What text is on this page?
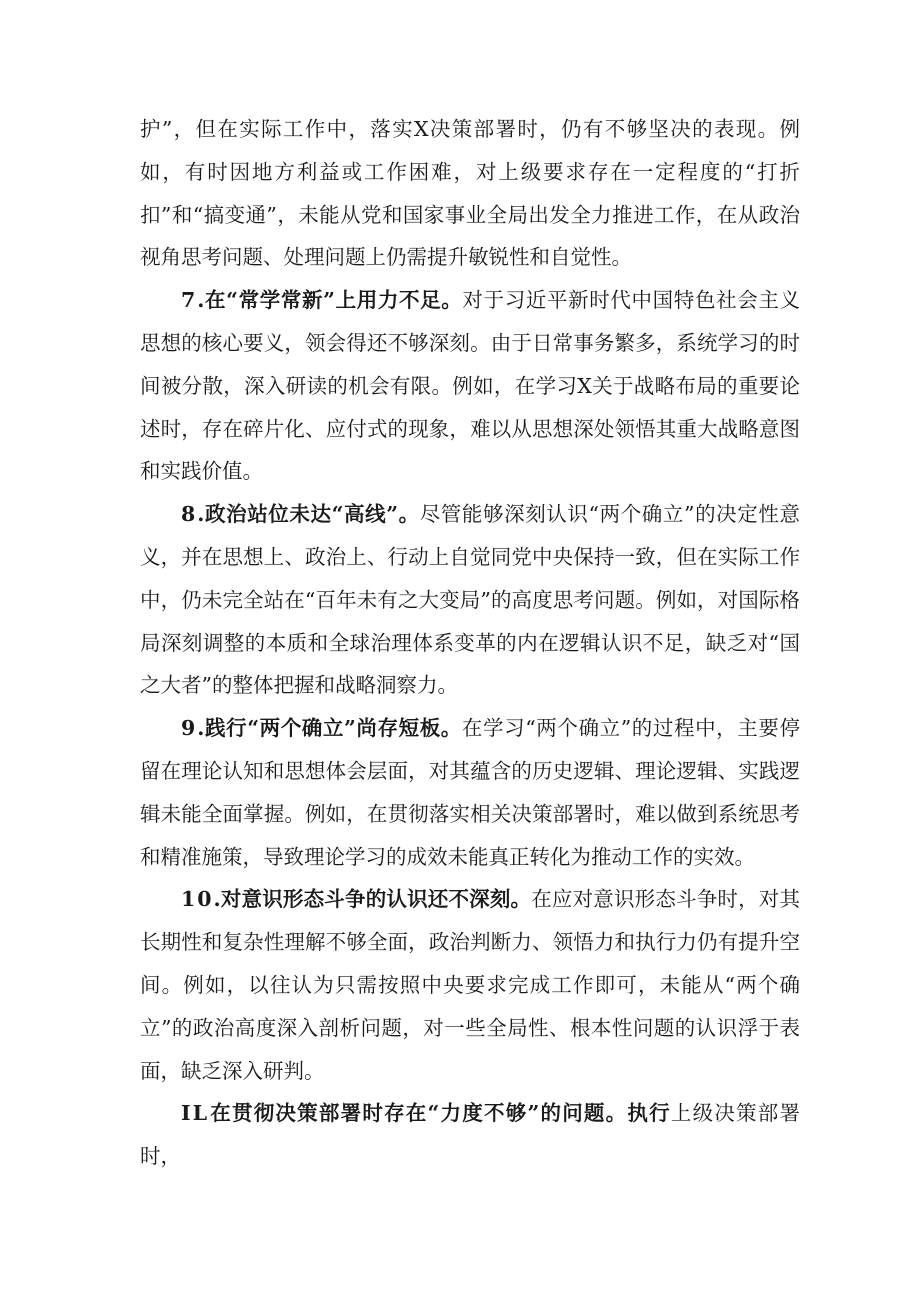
护”，但在实际工作中，落实X决策部署时，仍有不够坚决的表现。例如，有时因地方利益或工作困难，对上级要求存在一定程度的“打折扣”和“搞变通”，未能从党和国家事业全局出发全力推进工作，在从政治视角思考问题、处理问题上仍需提升敏锐性和自觉性。

7.在“常学常新”上用力不足。对于习近平新时代中国特色社会主义思想的核心要义，领会得还不够深刻。由于日常事务繁多，系统学习的时间被分散，深入研读的机会有限。例如，在学习X关于战略布局的重要论述时，存在碎片化、应付式的现象，难以从思想深处领悟其重大战略意图和实践价值。

8.政治站位未达“高线”。尽管能够深刻认识“两个确立”的决定性意义，并在思想上、政治上、行动上自觉同党中央保持一致，但在实际工作中，仍未完全站在“百年未有之大变局”的高度思考问题。例如，对国际格局深刻调整的本质和全球治理体系变革的内在逻辑认识不足，缺乏对“国之大者”的整体把握和战略洞察力。

9.践行“两个确立”尚存短板。在学习“两个确立”的过程中，主要停留在理论认知和思想体会层面，对其蕴含的历史逻辑、理论逻辑、实践逻辑未能全面掌握。例如，在贯彻落实相关决策部署时，难以做到系统思考和精准施策，导致理论学习的成效未能真正转化为推动工作的实效。

10.对意识形态斗争的认识还不深刻。在应对意识形态斗争时，对其长期性和复杂性理解不够全面，政治判断力、领悟力和执行力仍有提升空间。例如，以往认为只需按照中央要求完成工作即可，未能从“两个确立”的政治高度深入剖析问题，对一些全局性、根本性问题的认识浮于表面，缺乏深入研判。

IL在贯彻决策部署时存在“力度不够”的问题。执行上级决策部署时，
